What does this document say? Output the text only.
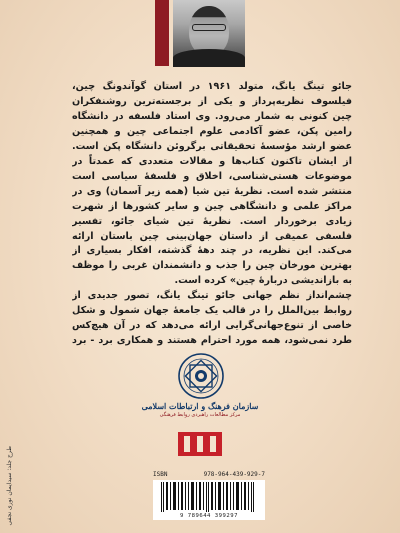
جائو تینگ یانگ، متولد ۱۹۶۱ در استان گوآندونگ چین، فیلسوف نظریه‌پرداز و یکی از برجسته‌ترین روشنفکران چین کنونی به شمار می‌رود. وی استاد فلسفه در دانشگاه رامین پکن، عضو آکادمی علوم اجتماعی چین و همچنین عضو ارشد مؤسسهٔ تحقیقاتی برگروئن دانشگاه پکن است. از ایشان تاکنون کتاب‌ها و مقالات متعددی که عمدتاً در موضوعات هستی‌شناسی، اخلاق و فلسفهٔ سیاسی است منتشر شده است. نظریهٔ تین شیا (همه زیر آسمان) وی در مراکز علمی و دانشگاهی چین و سایر کشورها از شهرت زیادی برخوردار است. نظریهٔ تین شیای جائو، تفسیر فلسفی عمیقی از داستان جهان‌بینی چین باستان ارائه می‌کند. این نظریه، در چند دههٔ گذشته، افکار بسیاری از بهترین مورخان چین را جذب و دانشمندان غربی را موظف به بازاندیشی دربارهٔ چین» کرده است.

چشم‌انداز نظم جهانی جائو تینگ یانگ، تصور جدیدی از روابط بین‌الملل را در قالب یک جامعهٔ جهان شمول و شکل خاصی از تنوع‌جهانی‌گرایی ارائه می‌دهد که در آن هیچ‌کس طرد نمی‌شود، همه مورد احترام هستند و همکاری برد - برد

سازمان فرهنگ و ارتباطات اسلامی
مرکز مطالعات راهبردی روابط فرهنگی
ISBN	978-964-439-929-7
9 789644 399297
طرح جلد: سیدایمان نوری نجفی
